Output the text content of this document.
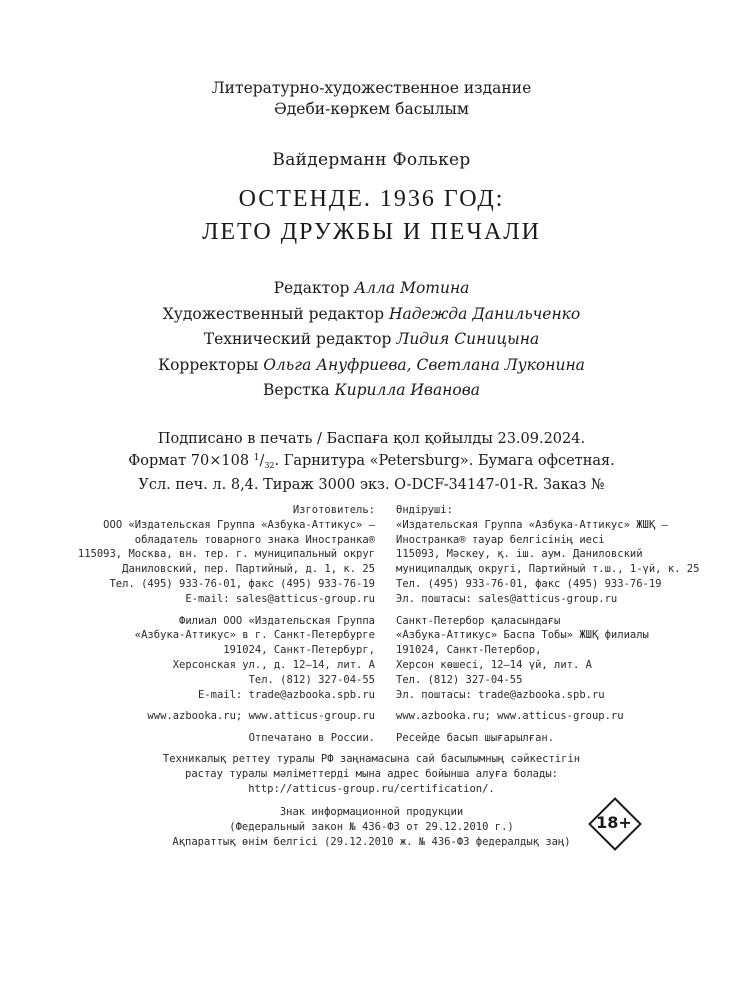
Литературно-художественное издание
Әдеби-көркем басылым
Вайдерманн Фолькер
ОСТЕНДЕ. 1936 ГОД:
ЛЕТО ДРУЖБЫ И ПЕЧАЛИ
Редактор Алла Мотина
Художественный редактор Надежда Данильченко
Технический редактор Лидия Синицына
Корректоры Ольга Ануфриева, Светлана Луконина
Верстка Кирилла Иванова
Подписано в печать / Баспаға қол қойылды 23.09.2024.
Формат 70×108 $^1/_{32}$. Гарнитура «Petersburg». Бумага офсетная.
Усл. печ. л. 8,4. Тираж 3000 экз. O-DCF-34147-01-R. Заказ №
Изготовитель:
ООО «Издательская Группа «Азбука-Аттикус» –
обладатель товарного знака Иностранка®
115093, Москва, вн. тер. г. муниципальный округ
Даниловский, пер. Партийный, д. 1, к. 25
Тел. (495) 933-76-01, факс (495) 933-76-19
E-mail: sales@atticus-group.ru
Филиал ООО «Издательская Группа
«Азбука-Аттикус» в г. Санкт-Петербурге
191024, Санкт-Петербург,
Херсонская ул., д. 12–14, лит. А
Тел. (812) 327-04-55
E-mail: trade@azbooka.spb.ru
www.azbooka.ru; www.atticus-group.ru
Отпечатано в России.
Өндіруші:
«Издательская Группа «Азбука-Аттикус» ЖШҚ –
Иностранка® тауар белгісінің иесі
115093, Мәскеу, қ. іш. аум. Даниловский
муниципалдық округі, Партийный т.ш., 1-үй, к. 25
Тел. (495) 933-76-01, факс (495) 933-76-19
Эл. поштасы: sales@atticus-group.ru
Санкт-Петербор қаласындағы
«Азбука-Аттикус» Баспа Тобы» ЖШҚ филиалы
191024, Санкт-Петербор,
Херсон көшесі, 12–14 үй, лит. А
Тел. (812) 327-04-55
Эл. поштасы: trade@azbooka.spb.ru
www.azbooka.ru; www.atticus-group.ru
Ресейде басып шығарылған.
Техникалық реттеу туралы РФ заңнамасына сай басылымның сәйкестігін
растау туралы мәліметтерді мына адрес бойынша алуға болады:
http://atticus-group.ru/certification/.
Знак информационной продукции
(Федеральный закон № 436-ФЗ от 29.12.2010 г.)
Ақпараттық өнім белгісі (29.12.2010 ж. № 436-ФЗ федералдық заң)
18+
